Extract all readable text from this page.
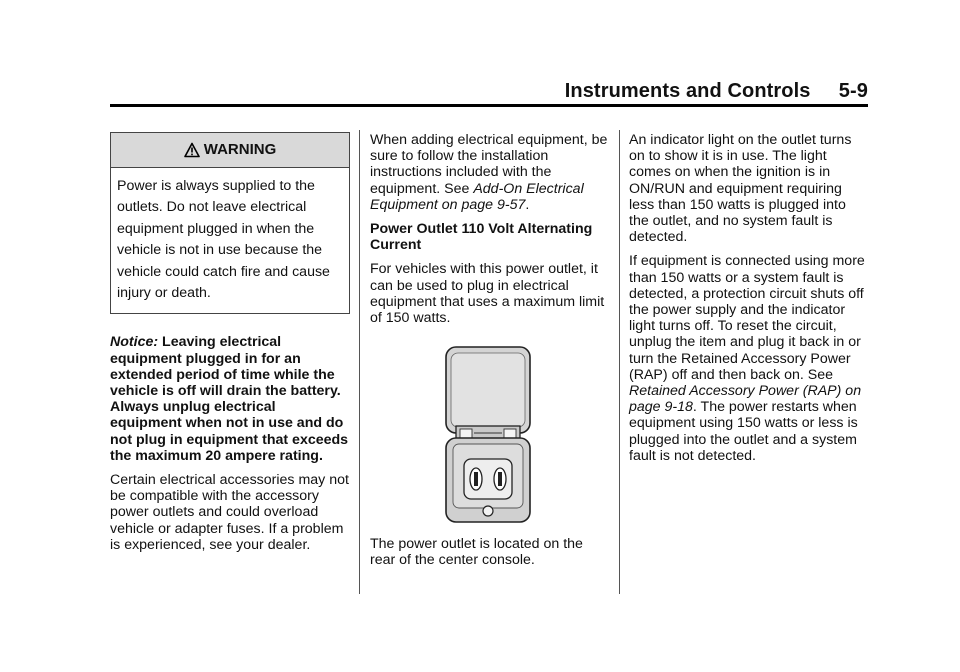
Instruments and Controls 5-9
WARNING
Power is always supplied to the outlets. Do not leave electrical equipment plugged in when the vehicle is not in use because the vehicle could catch fire and cause injury or death.

Notice: Leaving electrical equipment plugged in for an extended period of time while the vehicle is off will drain the battery. Always unplug electrical equipment when not in use and do not plug in equipment that exceeds the maximum 20 ampere rating.

Certain electrical accessories may not be compatible with the accessory power outlets and could overload vehicle or adapter fuses. If a problem is experienced, see your dealer.

When adding electrical equipment, be sure to follow the installation instructions included with the equipment. See Add-On Electrical Equipment on page 9-57.

Power Outlet 110 Volt Alternating Current

For vehicles with this power outlet, it can be used to plug in electrical equipment that uses a maximum limit of 150 watts.

The power outlet is located on the rear of the center console.

An indicator light on the outlet turns on to show it is in use. The light comes on when the ignition is in ON/RUN and equipment requiring less than 150 watts is plugged into the outlet, and no system fault is detected.

If equipment is connected using more than 150 watts or a system fault is detected, a protection circuit shuts off the power supply and the indicator light turns off. To reset the circuit, unplug the item and plug it back in or turn the Retained Accessory Power (RAP) off and then back on. See Retained Accessory Power (RAP) on page 9-18. The power restarts when equipment using 150 watts or less is plugged into the outlet and a system fault is not detected.
